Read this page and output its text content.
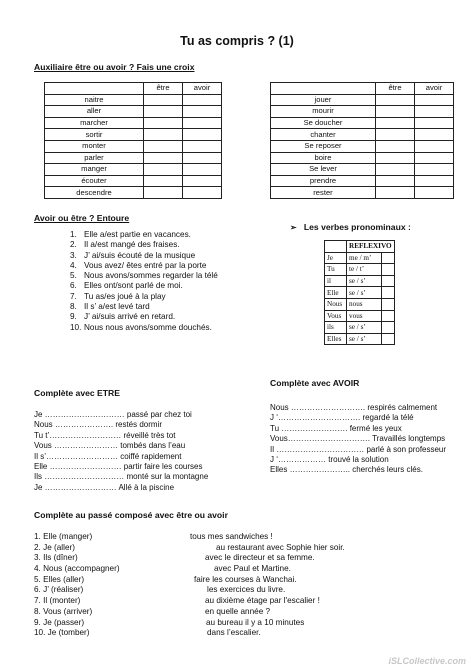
Tu as compris ? (1)
Auxiliaire être ou avoir ? Fais une croix
	être	avoir			être	avoir
naitre				jouer		
aller				mourir		
marcher				Se doucher		
sortir				chanter		
monter				Se reposer		
parler				boire		
manger				Se lever		
écouter				prendre		
descendre				rester		
Avoir ou être ? Entoure
1. Elle a/est partie en vacances.
2. Il a/est mangé des fraises.
3. J’ ai/suis écouté de la musique
4. Vous avez/ êtes entré par la porte
5. Nous avons/sommes regarder la télé
6. Elles ont/sont parlé de moi.
7. Tu as/es joué à la play
8. Il s’ a/est levé tard
9. J’ ai/suis arrivé en retard.
10. Nous nous avons/somme douchés.
➢ Les verbes pronominaux :
	REFLEXIVO	
Je	me / m’	
Tu	te / t’	
il	se / s’	
Elle	se / s’	
Nous	nous	
Vous	vous	
ils	se / s’	
Elles	se / s’	
Complète avec ETRE
Je ………………………… passé par chez toi
Nous …………………. restés dormir
Tu t’……………………… réveillé très tot
Vous …………………… tombés dans l’eau
Il s’……………………… coiffé rapidement
Elle ……………………… partir faire les courses
Ils ………………………… monté sur la montagne
Je ……………………… Allé à la piscine
Complète avec AVOIR
Nous ………………………. respirés calmement
J ‘…………………………. regardé la télé
Tu ……………………. fermé les yeux
Vous…………………………. Travaillés longtemps
Il …………………………… parlé à son professeur
J ‘……………… trouvé la solution
Elles ………………….. cherchés leurs clés.
Complète au passé composé avec être ou avoir
1. Elle (manger)	tous mes sandwiches !
2. Je (aller)	au restaurant avec Sophie hier soir.
3. Ils (dîner)	avec le directeur et sa femme.
4. Nous (accompagner)	avec Paul et Martine.
5. Elles (aller)	faire les courses à Wanchai.
6. J’ (réaliser)	les exercices du livre.
7. Il (monter)	au dixième étage par l'escalier !
8. Vous (arriver)	en quelle année ?
9. Je (passer)	au bureau il y a 10 minutes
10. Je (tomber)	dans l’escalier.
iSLCollective.com
